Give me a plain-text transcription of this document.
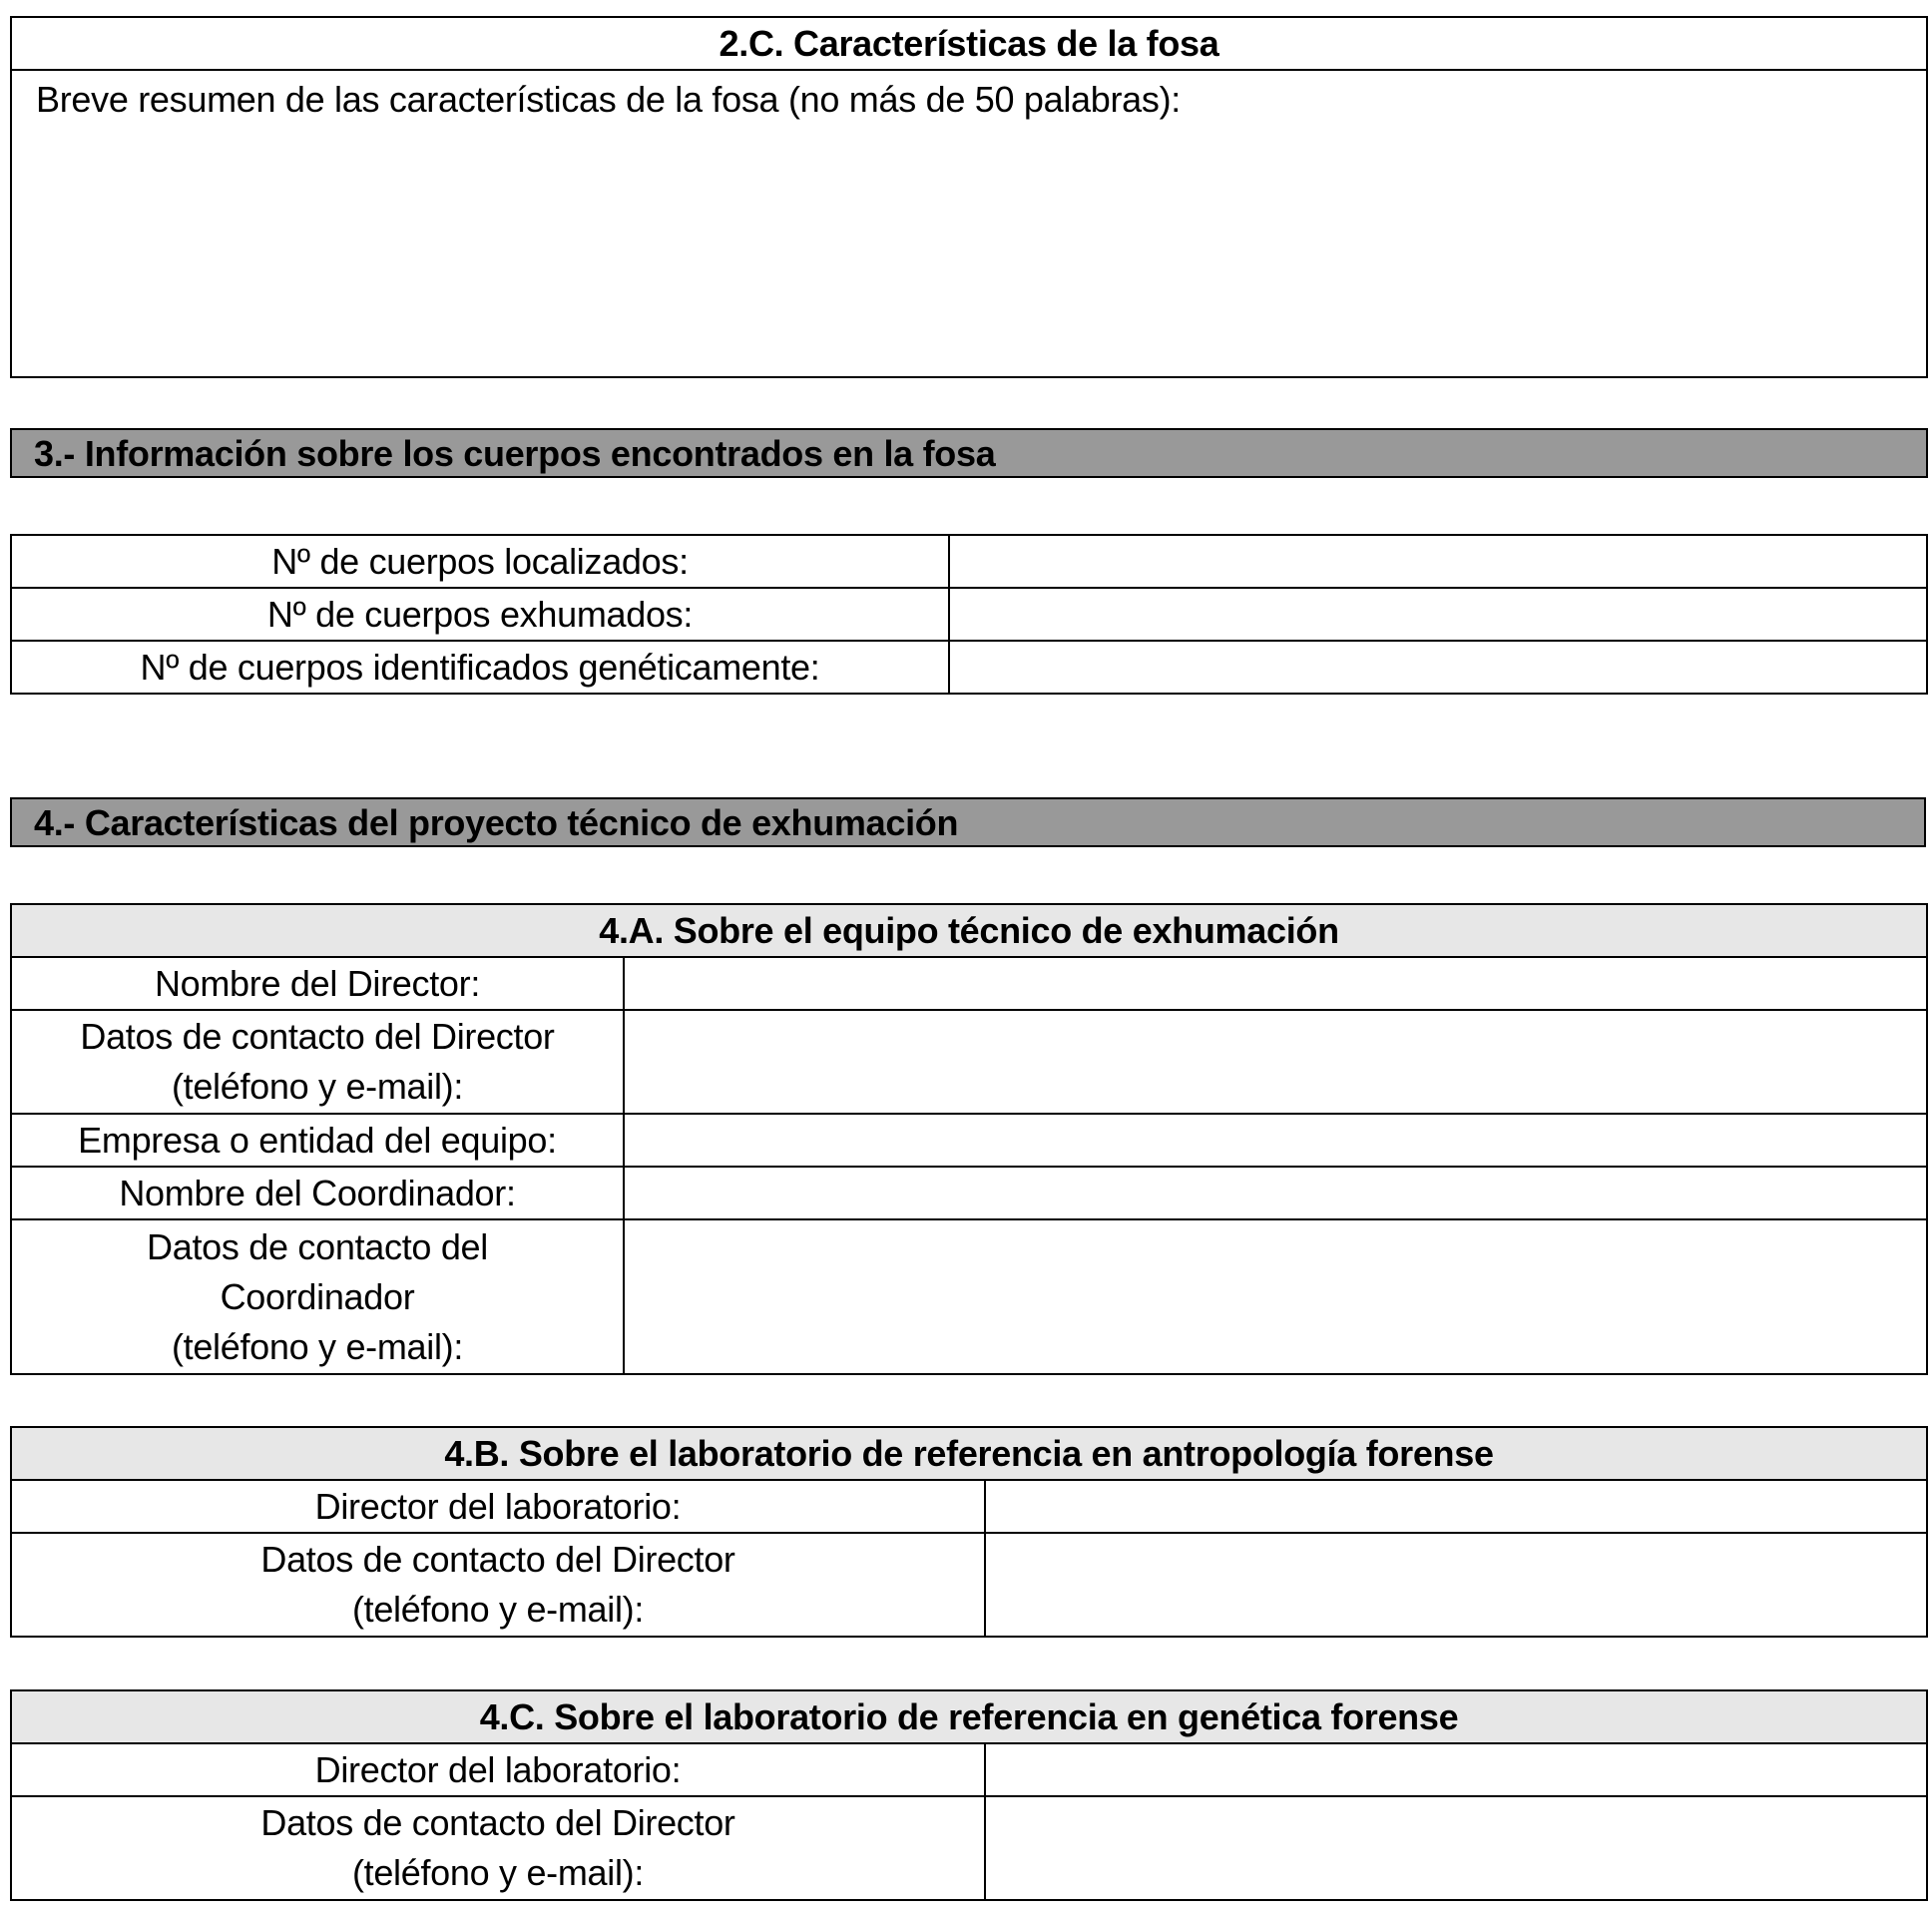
2.C. Características de la fosa
Breve resumen de las características de la fosa (no más de 50 palabras):
3.- Información sobre los cuerpos encontrados en la fosa
Nº de cuerpos localizados:	
Nº de cuerpos exhumados:	
Nº de cuerpos identificados genéticamente:	
4.- Características del proyecto técnico de exhumación
4.A. Sobre el equipo técnico de exhumación	
Nombre del Director:	
Datos de contacto del Director
(teléfono y e-mail):	
Empresa o entidad del equipo:	
Nombre del Coordinador:	
Datos de contacto del
Coordinador
(teléfono y e-mail):	
4.B. Sobre el laboratorio de referencia en antropología forense	
Director del laboratorio:	
Datos de contacto del Director
(teléfono y e-mail):	
4.C. Sobre el laboratorio de referencia en genética forense	
Director del laboratorio:	
Datos de contacto del Director
(teléfono y e-mail):	
